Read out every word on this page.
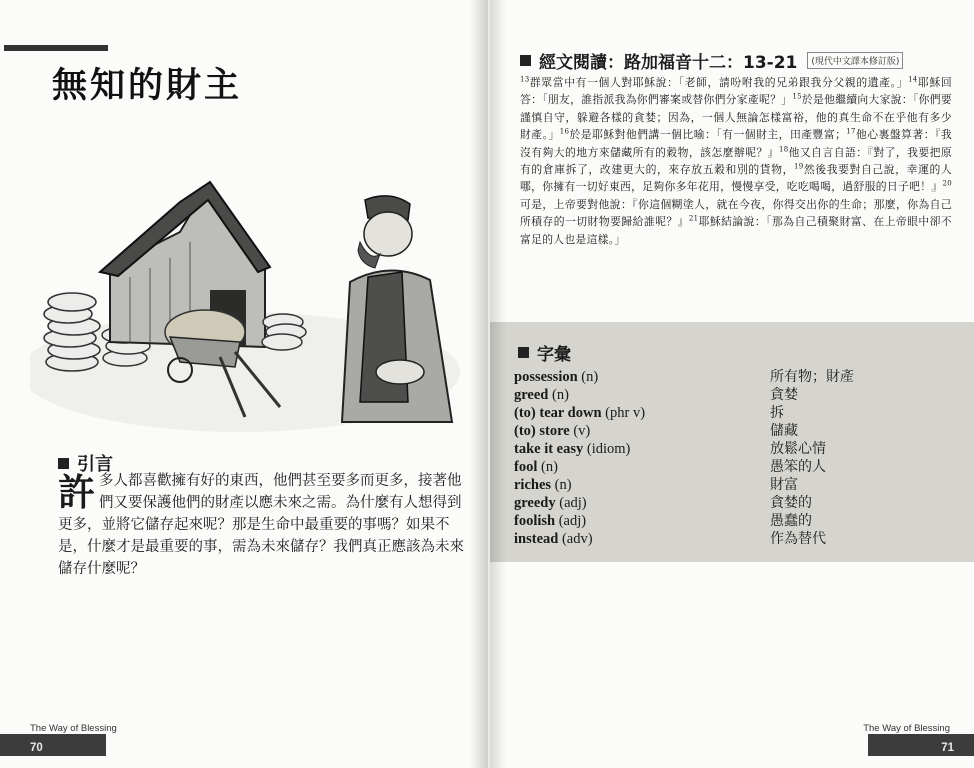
無知的財主
引言

許 多人都喜歡擁有好的東西，他們甚至要多而更多，接著他們又要保護他們的財產以應未來之需。為什麼有人想得到更多，並將它儲存起來呢？那是生命中最重要的事嗎？如果不是，什麼才是最重要的事，需為未來儲存？我們真正應該為未來儲存什麼呢？

The Way of Blessing
70
經文閱讀：路加福音十二：13-21	(現代中文譯本修訂版)

$^{13}$群眾當中有一個人對耶穌說：「老師，請吩咐我的兄弟跟我分父親的遺產。」$^{14}$耶穌回答：「朋友，誰指派我為你們審案或替你們分家產呢？」$^{15}$於是他繼續向大家說：「你們要謹慎自守，躲避各樣的貪婪；因為，一個人無論怎樣富裕，他的真生命不在乎他有多少財產。」$^{16}$於是耶穌對他們講一個比喻：「有一個財主，田產豐富；$^{17}$他心裏盤算著：『我沒有夠大的地方來儲藏所有的穀物，該怎麼辦呢？』$^{18}$他又自言自語：『對了，我要把原有的倉庫拆了，改建更大的，來存放五穀和別的貨物，$^{19}$然後我要對自己說，幸運的人哪，你擁有一切好東西，足夠你多年花用，慢慢享受，吃吃喝喝，過舒服的日子吧！』$^{20}$可是，上帝要對他說：『你這個糊塗人，就在今夜，你得交出你的生命；那麼，你為自己所積存的一切財物要歸給誰呢？』$^{21}$耶穌結論說：「那為自己積聚財富、在上帝眼中卻不富足的人也是這樣。」

字彙
possession (n)	所有物；財產
greed (n)	貪婪
(to) tear down (phr v)	拆
(to) store (v)	儲藏
take it easy (idiom)	放鬆心情
fool (n)	愚笨的人
riches (n)	財富
greedy (adj)	貪婪的
foolish (adj)	愚蠢的
instead (adv)	作為替代
The Way of Blessing
71
